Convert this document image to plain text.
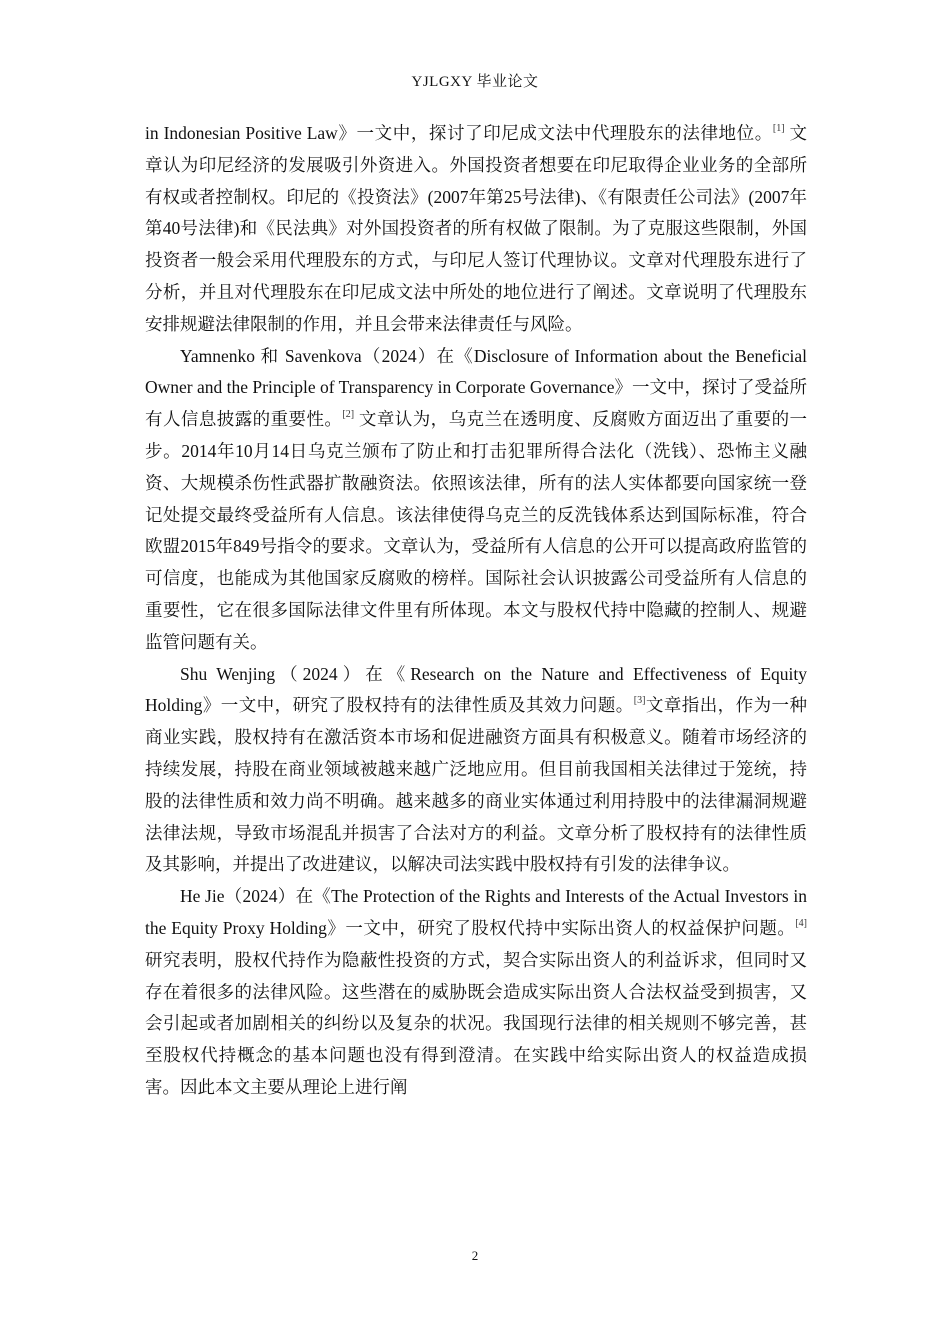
YJLGXY 毕业论文

in Indonesian Positive Law》一文中，探讨了印尼成文法中代理股东的法律地位。[1] 文章认为印尼经济的发展吸引外资进入。外国投资者想要在印尼取得企业业务的全部所有权或者控制权。印尼的《投资法》(2007年第25号法律)、《有限责任公司法》(2007年第40号法律)和《民法典》对外国投资者的所有权做了限制。为了克服这些限制，外国投资者一般会采用代理股东的方式，与印尼人签订代理协议。文章对代理股东进行了分析，并且对代理股东在印尼成文法中所处的地位进行了阐述。文章说明了代理股东安排规避法律限制的作用，并且会带来法律责任与风险。

Yamnenko 和 Savenkova（2024）在《Disclosure of Information about the Beneficial Owner and the Principle of Transparency in Corporate Governance》一文中，探讨了受益所有人信息披露的重要性。[2] 文章认为，乌克兰在透明度、反腐败方面迈出了重要的一步。2014年10月14日乌克兰颁布了防止和打击犯罪所得合法化（洗钱）、恐怖主义融资、大规模杀伤性武器扩散融资法。依照该法律，所有的法人实体都要向国家统一登记处提交最终受益所有人信息。该法律使得乌克兰的反洗钱体系达到国际标准，符合欧盟2015年849号指令的要求。文章认为，受益所有人信息的公开可以提高政府监管的可信度，也能成为其他国家反腐败的榜样。国际社会认识披露公司受益所有人信息的重要性，它在很多国际法律文件里有所体现。本文与股权代持中隐藏的控制人、规避监管问题有关。

Shu Wenjing（2024）在《Research on the Nature and Effectiveness of Equity Holding》一文中，研究了股权持有的法律性质及其效力问题。[3]文章指出，作为一种商业实践，股权持有在激活资本市场和促进融资方面具有积极意义。随着市场经济的持续发展，持股在商业领域被越来越广泛地应用。但目前我国相关法律过于笼统，持股的法律性质和效力尚不明确。越来越多的商业实体通过利用持股中的法律漏洞规避法律法规，导致市场混乱并损害了合法对方的利益。文章分析了股权持有的法律性质及其影响，并提出了改进建议，以解决司法实践中股权持有引发的法律争议。

He Jie（2024）在《The Protection of the Rights and Interests of the Actual Investors in the Equity Proxy Holding》一文中，研究了股权代持中实际出资人的权益保护问题。[4] 研究表明，股权代持作为隐蔽性投资的方式，契合实际出资人的利益诉求，但同时又存在着很多的法律风险。这些潜在的威胁既会造成实际出资人合法权益受到损害，又会引起或者加剧相关的纠纷以及复杂的状况。我国现行法律的相关规则不够完善，甚至股权代持概念的基本问题也没有得到澄清。在实践中给实际出资人的权益造成损害。因此本文主要从理论上进行阐

2
